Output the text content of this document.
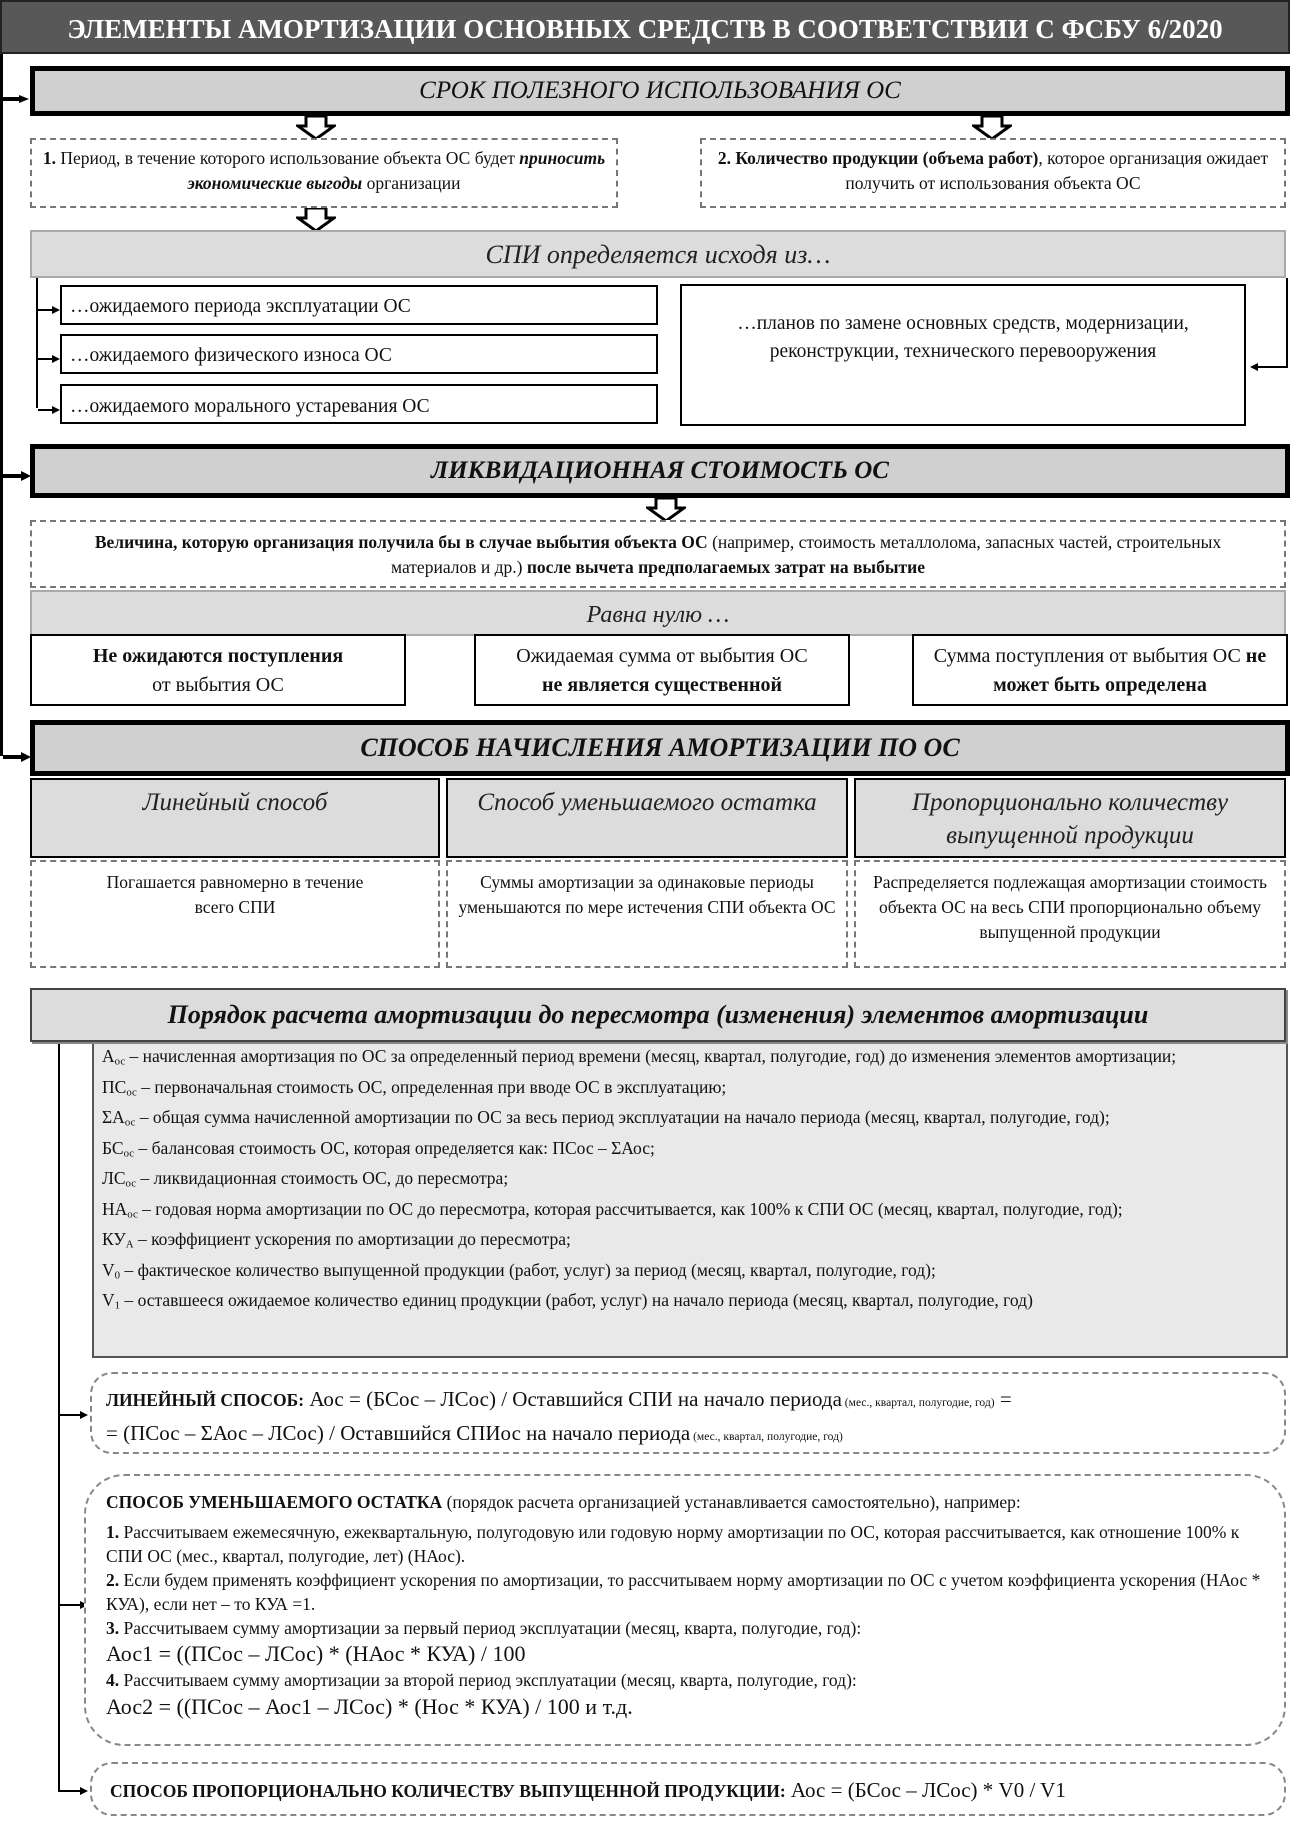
ЭЛЕМЕНТЫ АМОРТИЗАЦИИ ОСНОВНЫХ СРЕДСТВ В СООТВЕТСТВИИ С ФСБУ 6/2020
СРОК ПОЛЕЗНОГО ИСПОЛЬЗОВАНИЯ ОС
1. Период, в течение которого использование объекта ОС будет приносить экономические выгоды организации
2. Количество продукции (объема работ), которое организация ожидает получить от использования объекта ОС
СПИ определяется исходя из…
…ожидаемого периода эксплуатации ОС
…ожидаемого физического износа ОС
…ожидаемого морального устаревания ОС
…планов по замене основных средств, модернизации, реконструкции, технического перевооружения
ЛИКВИДАЦИОННАЯ СТОИМОСТЬ ОС
Величина, которую организация получила бы в случае выбытия объекта ОС (например, стоимость металлолома, запасных частей, строительных материалов и др.) после вычета предполагаемых затрат на выбытие
Равна нулю …
Не ожидаются поступления
от выбытия ОС
Ожидаемая сумма от выбытия ОС
не является существенной
Сумма поступления от выбытия ОС не может быть определена
СПОСОБ НАЧИСЛЕНИЯ АМОРТИЗАЦИИ ПО ОС
Линейный способ	Способ уменьшаемого остатка	Пропорционально количеству выпущенной продукции
Погашается равномерно в течение всего СПИ
Суммы амортизации за одинаковые периоды уменьшаются по мере истечения СПИ объекта ОС
Распределяется подлежащая амортизации стоимость объекта ОС на весь СПИ пропорционально объему выпущенной продукции
$А_{ос}$ – начисленная амортизация по ОС за определенный период времени (месяц, квартал, полугодие, год) до изменения элементов амортизации;
$ПС_{ос}$ – первоначальная стоимость ОС, определенная при вводе ОС в эксплуатацию;
$\Sigma А_{ос}$ – общая сумма начисленной амортизации по ОС за весь период эксплуатации на начало периода (месяц, квартал, полугодие, год);
$БС_{ос}$ – балансовая стоимость ОС, которая определяется как: ПСос – ΣАос;
$ЛС_{ос}$ – ликвидационная стоимость ОС, до пересмотра;
$НА_{ос}$ – годовая норма амортизации по ОС до пересмотра, которая рассчитывается, как 100% к СПИ ОС (месяц, квартал, полугодие, год);
$КУ_А$ – коэффициент ускорения по амортизации до пересмотра;
$V_0$ – фактическое количество выпущенной продукции (работ, услуг) за период (месяц, квартал, полугодие, год);
$V_1$ – оставшееся ожидаемое количество единиц продукции (работ, услуг) на начало периода (месяц, квартал, полугодие, год)
Порядок расчета амортизации до пересмотра (изменения) элементов амортизации
ЛИНЕЙНЫЙ СПОСОБ: Аос = (БСос – ЛСос) / Оставшийся СПИ на начало периода (мес., квартал, полугодие, год) =
= (ПСос – ΣАос – ЛСос) / Оставшийся СПИос на начало периода (мес., квартал, полугодие, год)
СПОСОБ УМЕНЬШАЕМОГО ОСТАТКА (порядок расчета организацией устанавливается самостоятельно), например:
1. Рассчитываем ежемесячную, ежеквартальную, полугодовую или годовую норму амортизации по ОС, которая рассчитывается, как отношение 100% к СПИ ОС (мес., квартал, полугодие, лет) (НАос).
2. Если будем применять коэффициент ускорения по амортизации, то рассчитываем норму амортизации по ОС с учетом коэффициента ускорения (НАос * КУА), если нет – то КУА =1.
3. Рассчитываем сумму амортизации за первый период эксплуатации (месяц, кварта, полугодие, год):
Аос1 = ((ПСос – ЛСос) * (НАос * КУА) / 100
4. Рассчитываем сумму амортизации за второй период эксплуатации (месяц, кварта, полугодие, год):
Аос2 = ((ПСос – Аос1 – ЛСос) * (Нос * КУА) / 100 и т.д.
СПОСОБ ПРОПОРЦИОНАЛЬНО КОЛИЧЕСТВУ ВЫПУЩЕННОЙ ПРОДУКЦИИ: Аос = (БСос – ЛСос) * V0 / V1
